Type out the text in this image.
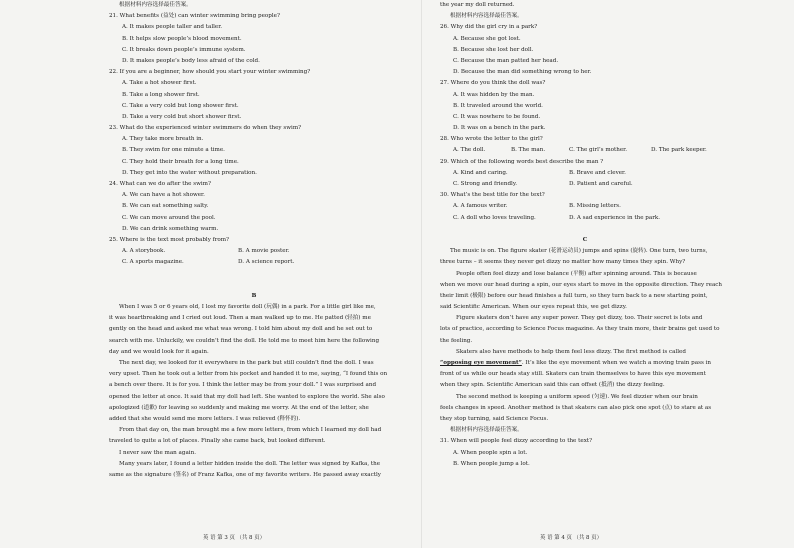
根据材料内容选择最佳答案。
21. What benefits (益处) can winter swimming bring people?
A. It makes people taller and taller.
B. It helps slow people’s blood movement.
C. It breaks down people’s immune system.
D. It makes people’s body less afraid of the cold.
22. If you are a beginner, how should you start your winter swimming?
A. Take a hot shower first.
B. Take a long shower first.
C. Take a very cold but long shower first.
D. Take a very cold but short shower first.
23. What do the experienced winter swimmers do when they swim?
A. They take more breath in.
B. They swim for one minute a time.
C. They hold their breath for a long time.
D. They get into the water without preparation.
24. What can we do after the swim?
A. We can have a hot shower.
B. We can eat something salty.
C. We can move around the pool.
D. We can drink something warm.
25. Where is the text most probably from?
A. A storybook.	B. A movie poster.
C. A sports magazine.	D. A science report.
B
When I was 5 or 6 years old, I lost my favorite doll (玩偶) in a park. For a little girl like me,
it was heartbreaking and I cried out loud. Then a man walked up to me. He patted (轻拍) me
gently on the head and asked me what was wrong. I told him about my doll and he set out to
search with me. Unluckily, we couldn’t find the doll. He told me to meet him here the following
day and we would look for it again.
The next day, we looked for it everywhere in the park but still couldn’t find the doll. I was
very upset. Then he took out a letter from his pocket and handed it to me, saying, “I found this on
a bench over there. It is for you. I think the letter may be from your doll.” I was surprised and
opened the letter at once. It said that my doll had left. She wanted to explore the world. She also
apologized (道歉) for leaving so suddenly and making me worry. At the end of the letter, she
added that she would send me more letters. I was relieved (释怀的).
From that day on, the man brought me a few more letters, from which I learned my doll had
traveled to quite a lot of places. Finally she came back, but looked different.
I never saw the man again.
Many years later, I found a letter hidden inside the doll. The letter was signed by Kafka, the
same as the signature (签名) of Franz Kafka, one of my favorite writers. He passed away exactly
the year my doll returned.
根据材料内容选择最佳答案。
26. Why did the girl cry in a park?
A. Because she got lost.
B. Because she lost her doll.
C. Because the man patted her head.
D. Because the man did something wrong to her.
27. Where do you think the doll was?
A. It was hidden by the man.
B. It traveled around the world.
C. It was nowhere to be found.
D. It was on a bench in the park.
28. Who wrote the letter to the girl?
A. The doll.	B. The man.	C. The girl’s mother.	D. The park keeper.
29. Which of the following words best describe the man ?
A. Kind and caring.	B. Brave and clever.
C. Strong and friendly.	D. Patient and careful.
30. What’s the best title for the text?
A. A famous writer.	B. Missing letters.
C. A doll who loves traveling.	D. A sad experience in the park.
C
The music is on. The figure skater (花滑运动员) jumps and spins (旋转). One turn, two turns,
three turns – it seems they never get dizzy no matter how many times they spin. Why?
People often feel dizzy and lose balance (平衡) after spinning around. This is because
when we move our head during a spin, our eyes start to move in the opposite direction. They reach
their limit (极限) before our head finishes a full turn, so they turn back to a new starting point,
said Scientific American. When our eyes repeat this, we get dizzy.
Figure skaters don’t have any super power. They get dizzy, too. Their secret is lots and
lots of practice, according to Science Focus magazine. As they train more, their brains get used to
the feeling.
Skaters also have methods to help them feel less dizzy. The first method is called
“opposing eye movement”. It’s like the eye movement when we watch a moving train pass in
front of us while our heads stay still. Skaters can train themselves to have this eye movement
when they spin. Scientific American said this can offset (抵消) the dizzy feeling.
The second method is keeping a uniform speed (匀速). We feel dizzier when our brain
feels changes in speed. Another method is that skaters can also pick one spot (点) to stare at as
they stop turning, said Science Focus.
根据材料内容选择最佳答案。
31. When will people feel dizzy according to the text?
A. When people spin a lot.
B. When people jump a lot.
英 语 第 3 页 （共 8 页）	英 语 第 4 页 （共 8 页）
